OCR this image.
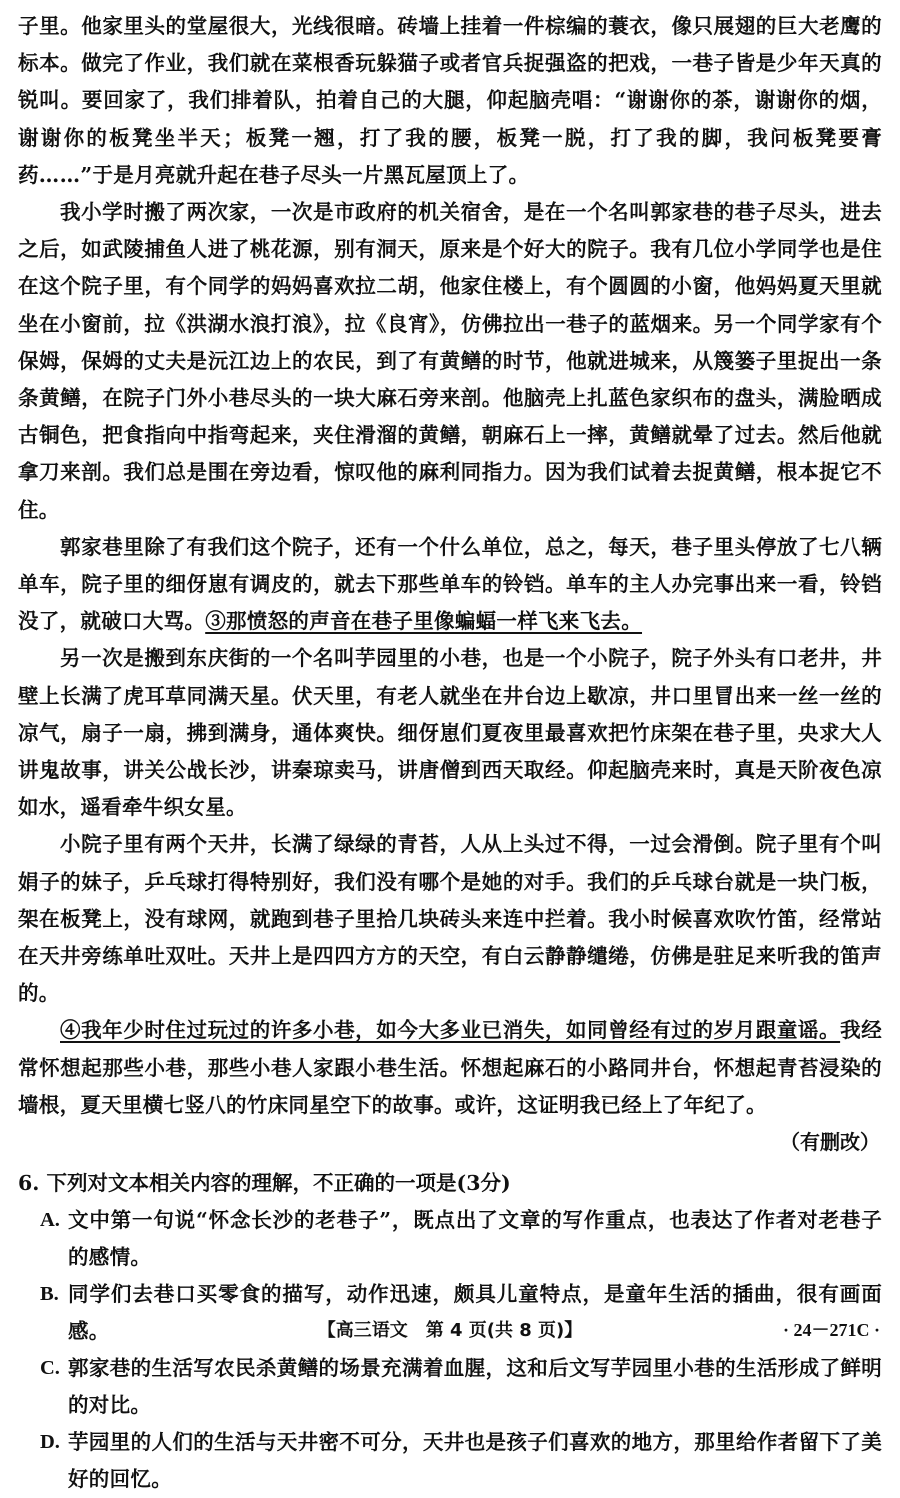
子里。他家里头的堂屋很大，光线很暗。砖墙上挂着一件棕编的蓑衣，像只展翅的巨大老鹰的标本。做完了作业，我们就在菜根香玩躲猫子或者官兵捉强盗的把戏，一巷子皆是少年天真的锐叫。要回家了，我们排着队，拍着自己的大腿，仰起脑壳唱：“谢谢你的茶，谢谢你的烟，谢谢你的板凳坐半天；板凳一翘，打了我的腰，板凳一脱，打了我的脚，我问板凳要膏药……”于是月亮就升起在巷子尽头一片黑瓦屋顶上了。

我小学时搬了两次家，一次是市政府的机关宿舍，是在一个名叫郭家巷的巷子尽头，进去之后，如武陵捕鱼人进了桃花源，别有洞天，原来是个好大的院子。我有几位小学同学也是住在这个院子里，有个同学的妈妈喜欢拉二胡，他家住楼上，有个圆圆的小窗，他妈妈夏天里就坐在小窗前，拉《洪湖水浪打浪》，拉《良宵》，仿佛拉出一巷子的蓝烟来。另一个同学家有个保姆，保姆的丈夫是沅江边上的农民，到了有黄鳝的时节，他就进城来，从篾篓子里捉出一条条黄鳝，在院子门外小巷尽头的一块大麻石旁来剖。他脑壳上扎蓝色家织布的盘头，满脸晒成古铜色，把食指向中指弯起来，夹住滑溜的黄鳝，朝麻石上一摔，黄鳝就晕了过去。然后他就拿刀来剖。我们总是围在旁边看，惊叹他的麻利同指力。因为我们试着去捉黄鳝，根本捉它不住。

郭家巷里除了有我们这个院子，还有一个什么单位，总之，每天，巷子里头停放了七八辆单车，院子里的细伢崽有调皮的，就去下那些单车的铃铛。单车的主人办完事出来一看，铃铛没了，就破口大骂。③那愤怒的声音在巷子里像蝙蝠一样飞来飞去。

另一次是搬到东庆街的一个名叫芋园里的小巷，也是一个小院子，院子外头有口老井，井壁上长满了虎耳草同满天星。伏天里，有老人就坐在井台边上歇凉，井口里冒出来一丝一丝的凉气，扇子一扇，拂到满身，通体爽快。细伢崽们夏夜里最喜欢把竹床架在巷子里，央求大人讲鬼故事，讲关公战长沙，讲秦琼卖马，讲唐僧到西天取经。仰起脑壳来时，真是天阶夜色凉如水，遥看牵牛织女星。

小院子里有两个天井，长满了绿绿的青苔，人从上头过不得，一过会滑倒。院子里有个叫娟子的妹子，乒乓球打得特别好，我们没有哪个是她的对手。我们的乒乓球台就是一块门板，架在板凳上，没有球网，就跑到巷子里拾几块砖头来连中拦着。我小时候喜欢吹竹笛，经常站在天井旁练单吐双吐。天井上是四四方方的天空，有白云静静缱绻，仿佛是驻足来听我的笛声的。

④我年少时住过玩过的许多小巷，如今大多业已消失，如同曾经有过的岁月跟童谣。我经常怀想起那些小巷，那些小巷人家跟小巷生活。怀想起麻石的小路同井台，怀想起青苔浸染的墙根，夏天里横七竖八的竹床同星空下的故事。或许，这证明我已经上了年纪了。

（有删改）

6. 下列对文本相关内容的理解，不正确的一项是(3分)

A. 文中第一句说“怀念长沙的老巷子”，既点出了文章的写作重点，也表达了作者对老巷子的感情。
B. 同学们去巷口买零食的描写，动作迅速，颇具儿童特点，是童年生活的插曲，很有画面感。
C. 郭家巷的生活写农民杀黄鳝的场景充满着血腥，这和后文写芋园里小巷的生活形成了鲜明的对比。
D. 芋园里的人们的生活与天井密不可分，天井也是孩子们喜欢的地方，那里给作者留下了美好的回忆。
【高三语文　第 4 页(共 8 页)】	· 24－271C ·
